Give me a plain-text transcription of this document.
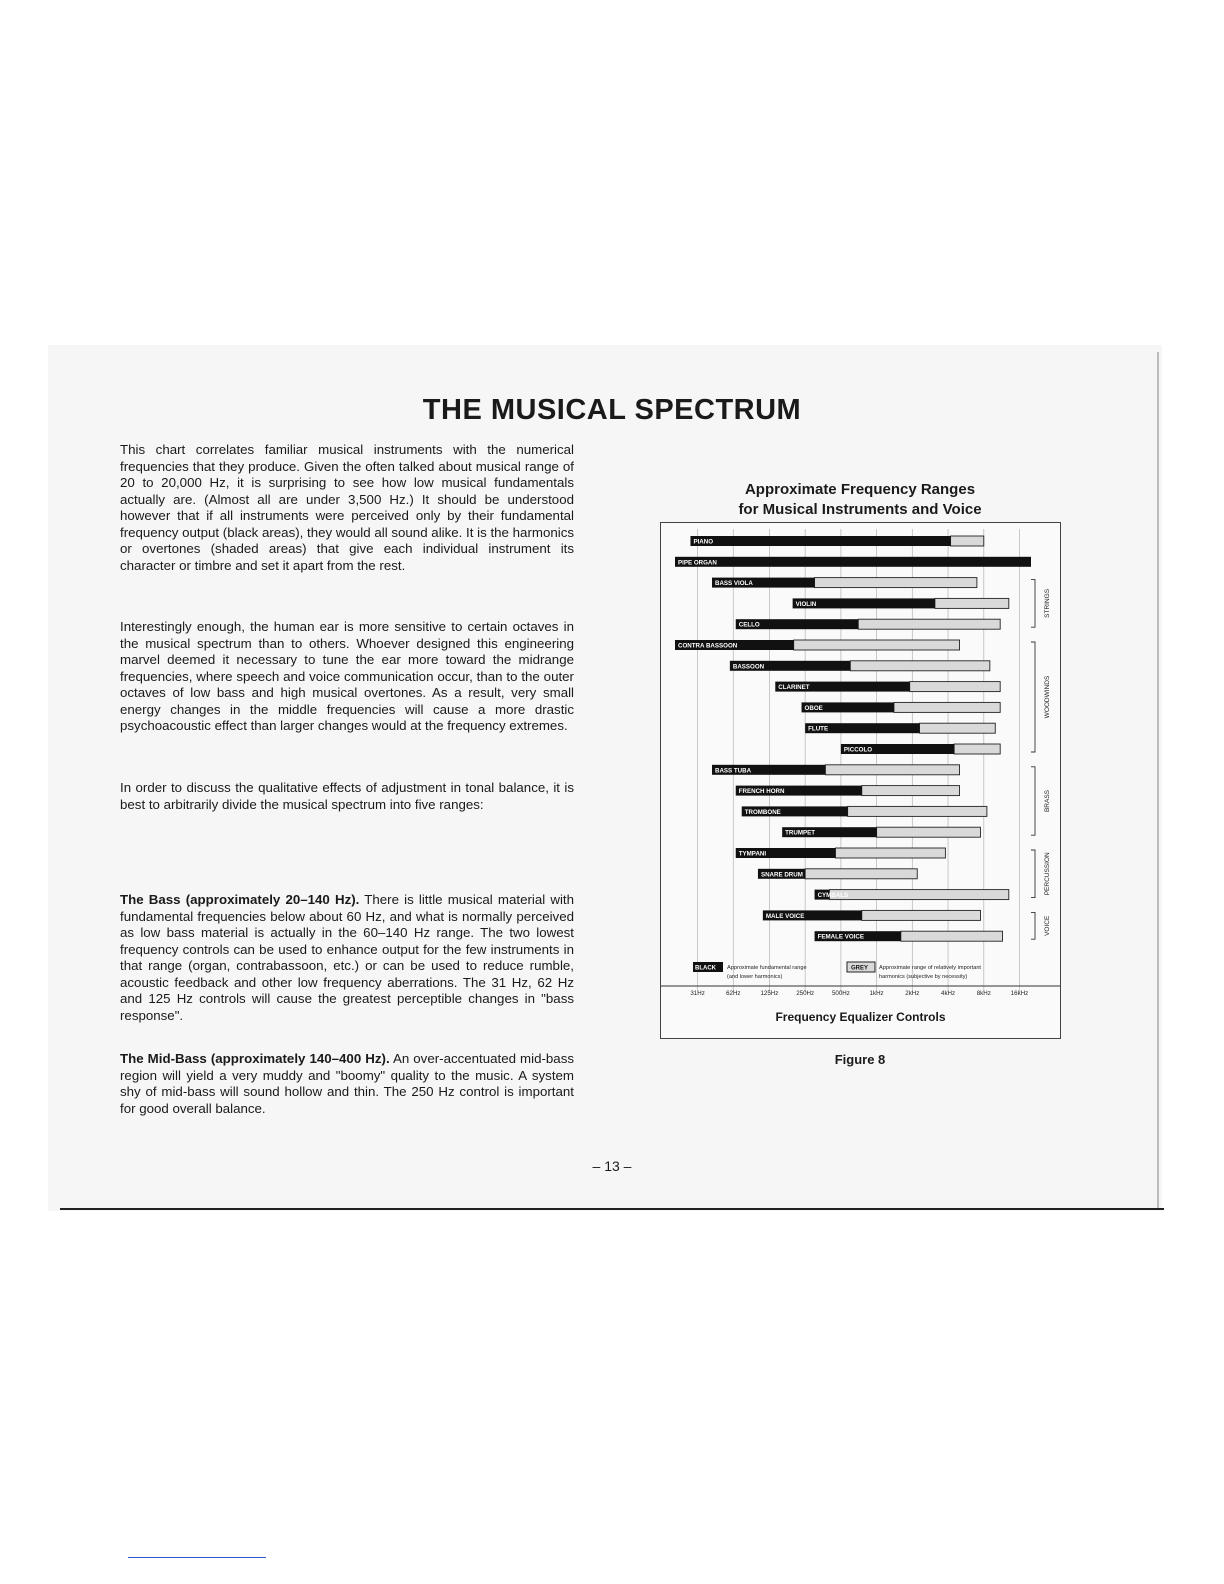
THE MUSICAL SPECTRUM

This chart correlates familiar musical instruments with the numerical frequencies that they produce. Given the often talked about musical range of 20 to 20,000 Hz, it is surprising to see how low musical fundamentals actually are. (Almost all are under 3,500 Hz.) It should be understood however that if all instruments were perceived only by their fundamental frequency output (black areas), they would all sound alike. It is the harmonics or overtones (shaded areas) that give each individual instrument its character or timbre and set it apart from the rest.

Interestingly enough, the human ear is more sensitive to certain octaves in the musical spectrum than to others. Whoever designed this engineering marvel deemed it necessary to tune the ear more toward the midrange frequencies, where speech and voice communication occur, than to the outer octaves of low bass and high musical overtones. As a result, very small energy changes in the middle frequencies will cause a more drastic psychoacoustic effect than larger changes would at the frequency extremes.

In order to discuss the qualitative effects of adjustment in tonal balance, it is best to arbitrarily divide the musical spectrum into five ranges:

The Bass (approximately 20–140 Hz). There is little musical material with fundamental frequencies below about 60 Hz, and what is normally perceived as low bass material is actually in the 60–140 Hz range. The two lowest frequency controls can be used to enhance output for the few instruments in that range (organ, contrabassoon, etc.) or can be used to reduce rumble, acoustic feedback and other low frequency aberrations. The 31 Hz, 62 Hz and 125 Hz controls will cause the greatest perceptible changes in "bass response".

The Mid-Bass (approximately 140–400 Hz). An over-accentuated mid-bass region will yield a very muddy and "boomy" quality to the music. A system shy of mid-bass will sound hollow and thin. The 250 Hz control is important for good overall balance.

Approximate Frequency Ranges
for Musical Instruments and Voice
PIANO
PIPE ORGAN
BASS VIOLA
VIOLIN
CELLO
CONTRA BASSOON
BASSOON
CLARINET
OBOE
FLUTE
PICCOLO
BASS TUBA
FRENCH HORN
TROMBONE
TRUMPET
TYMPANI
SNARE DRUM
CYMBALS
MALE VOICE
FEMALE VOICE
STRINGS
WOODWINDS
BRASS
PERCUSSION
VOICE
BLACK Approximate fundamental range
(and lower harmonics)
GREY Approximate range of relatively important
harmonics (subjective by necessity)
31Hz	62Hz	125Hz	250Hz	500Hz	1kHz	2kHz	4kHz	8kHz	16kHz
Frequency Equalizer Controls
Figure 8
– 13 –
